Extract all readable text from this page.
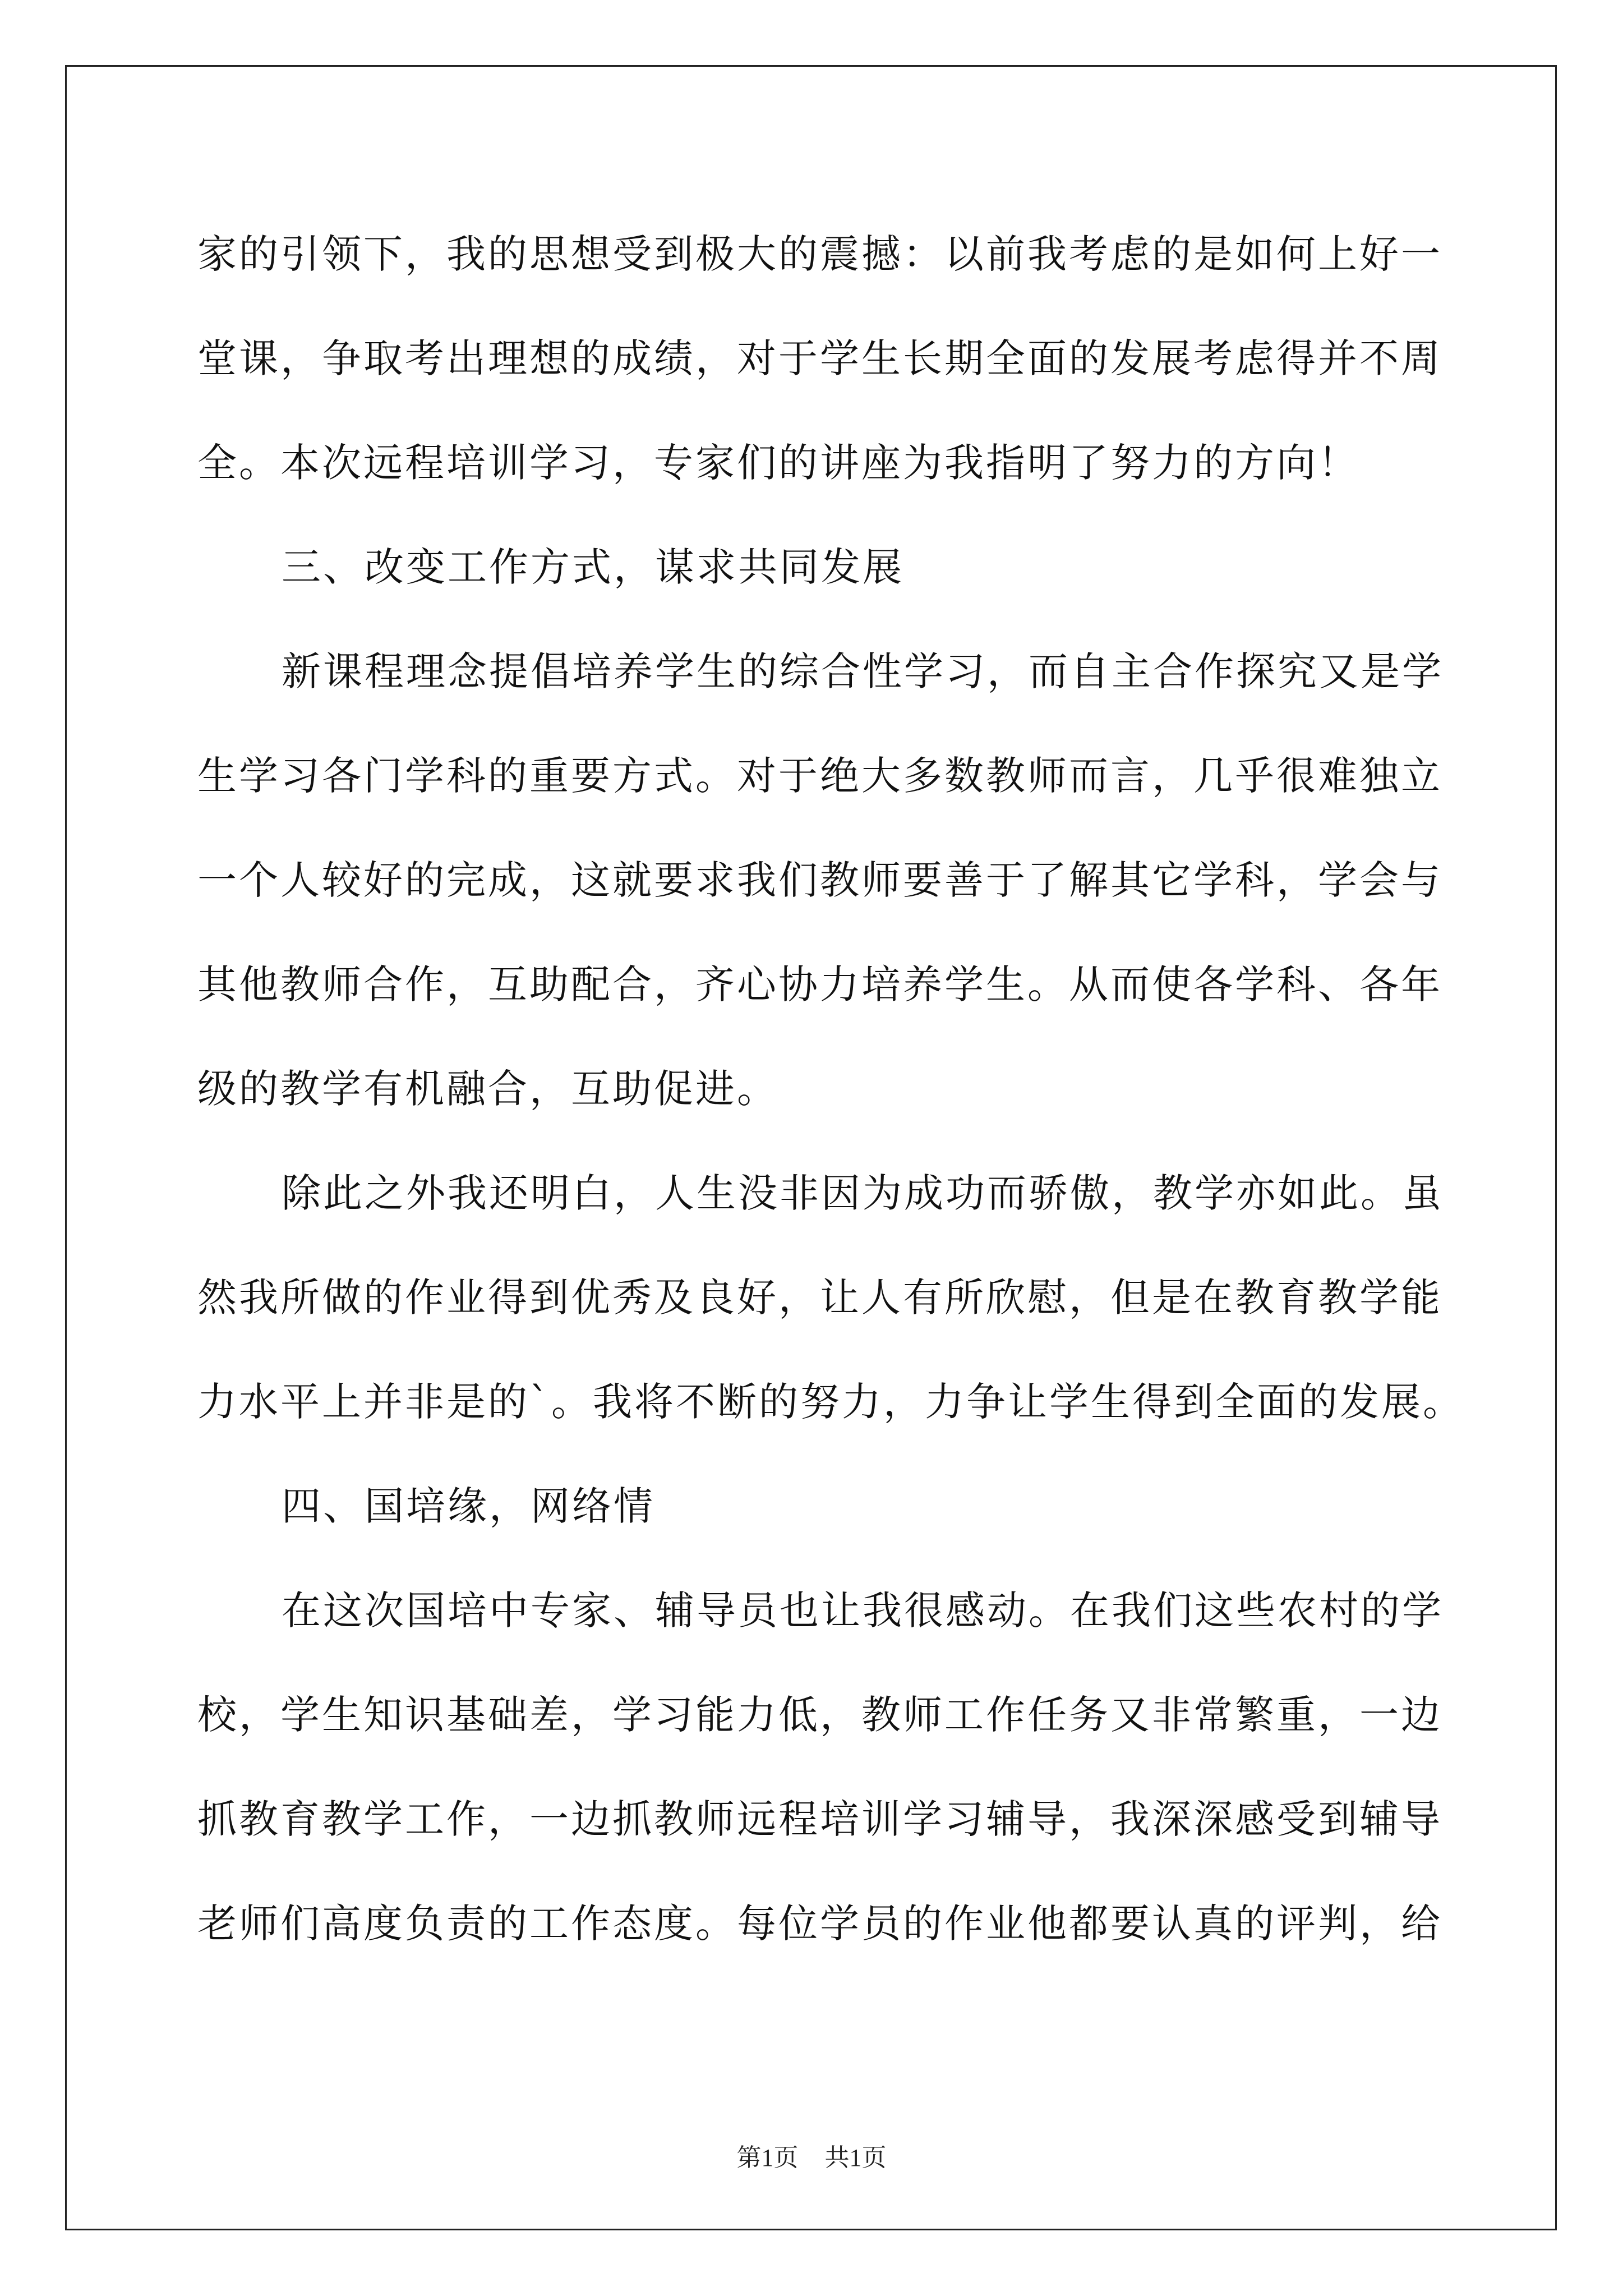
家的引领下，我的思想受到极大的震撼：以前我考虑的是如何上好一
堂课，争取考出理想的成绩，对于学生长期全面的发展考虑得并不周
全。本次远程培训学习，专家们的讲座为我指明了努力的方向！
三、改变工作方式，谋求共同发展
新课程理念提倡培养学生的综合性学习，而自主合作探究又是学
生学习各门学科的重要方式。对于绝大多数教师而言，几乎很难独立
一个人较好的完成，这就要求我们教师要善于了解其它学科，学会与
其他教师合作，互助配合，齐心协力培养学生。从而使各学科、各年
级的教学有机融合，互助促进。
除此之外我还明白，人生没非因为成功而骄傲，教学亦如此。虽
然我所做的作业得到优秀及良好，让人有所欣慰，但是在教育教学能
力水平上并非是的`。我将不断的努力，力争让学生得到全面的发展。
四、国培缘，网络情
在这次国培中专家、辅导员也让我很感动。在我们这些农村的学
校，学生知识基础差，学习能力低，教师工作任务又非常繁重，一边
抓教育教学工作，一边抓教师远程培训学习辅导，我深深感受到辅导
老师们高度负责的工作态度。每位学员的作业他都要认真的评判，给
第1页 共1页
